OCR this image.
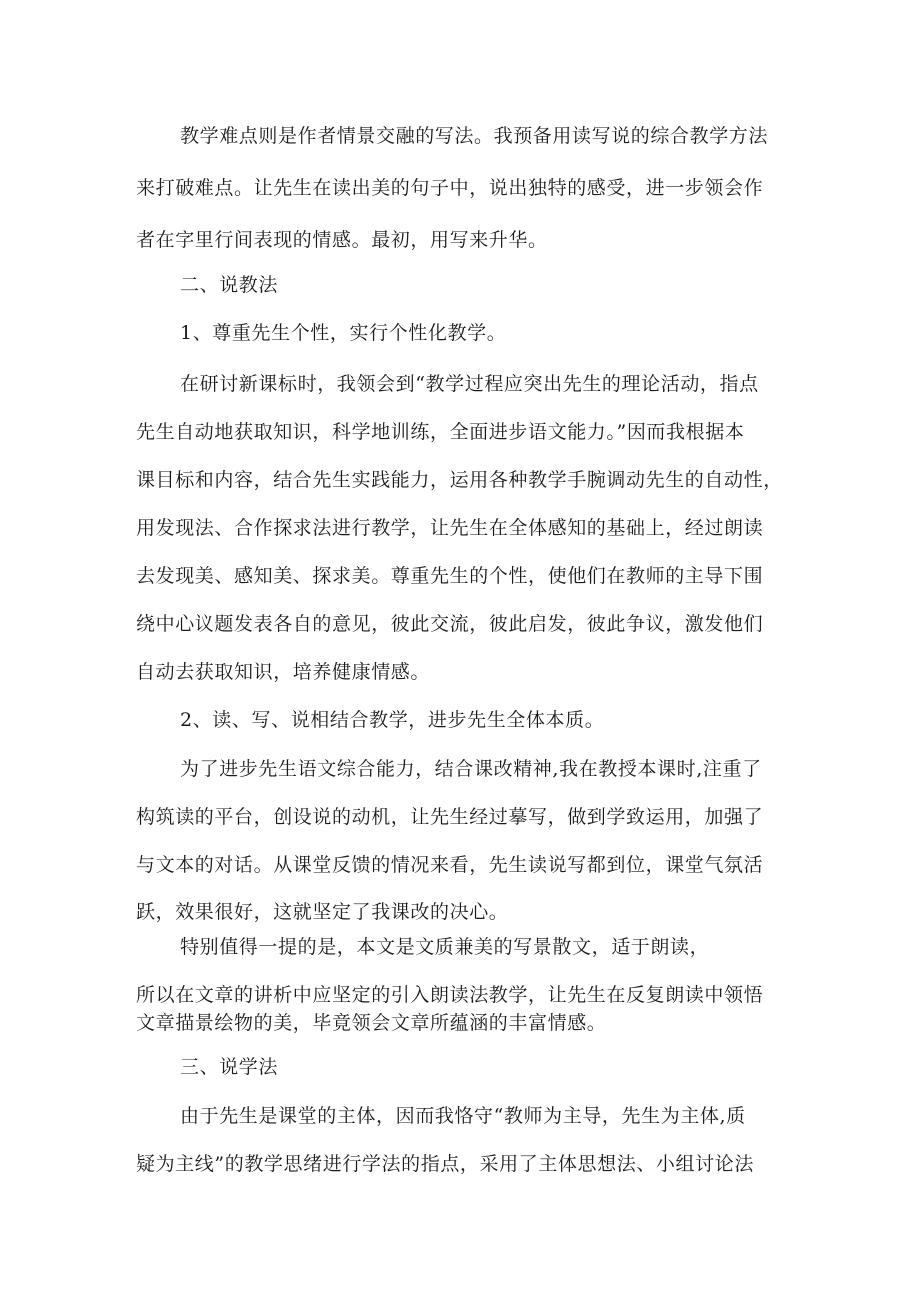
教学难点则是作者情景交融的写法。我预备用读写说的综合教学方法
来打破难点。让先生在读出美的句子中，说出独特的感受，进一步领会作
者在字里行间表现的情感。最初，用写来升华。
二、说教法
1、尊重先生个性，实行个性化教学。
在研讨新课标时，我领会到“教学过程应突出先生的理论活动，指点
先生自动地获取知识，科学地训练，全面进步语文能力。”因而我根据本
课目标和内容，结合先生实践能力，运用各种教学手腕调动先生的自动性，
用发现法、合作探求法进行教学，让先生在全体感知的基础上，经过朗读
去发现美、感知美、探求美。尊重先生的个性，使他们在教师的主导下围
绕中心议题发表各自的意见，彼此交流，彼此启发，彼此争议，激发他们
自动去获取知识，培养健康情感。
2、读、写、说相结合教学，进步先生全体本质。
为了进步先生语文综合能力，结合课改精神,我在教授本课时,注重了
构筑读的平台，创设说的动机，让先生经过摹写，做到学致运用，加强了
与文本的对话。从课堂反馈的情况来看，先生读说写都到位，课堂气氛活
跃，效果很好，这就坚定了我课改的决心。
特别值得一提的是，本文是文质兼美的写景散文，适于朗读，
所以在文章的讲析中应坚定的引入朗读法教学，让先生在反复朗读中领悟
文章描景绘物的美，毕竟领会文章所蕴涵的丰富情感。
三、说学法
由于先生是课堂的主体，因而我恪守“教师为主导，先生为主体,质
疑为主线”的教学思绪进行学法的指点，采用了主体思想法、小组讨论法
